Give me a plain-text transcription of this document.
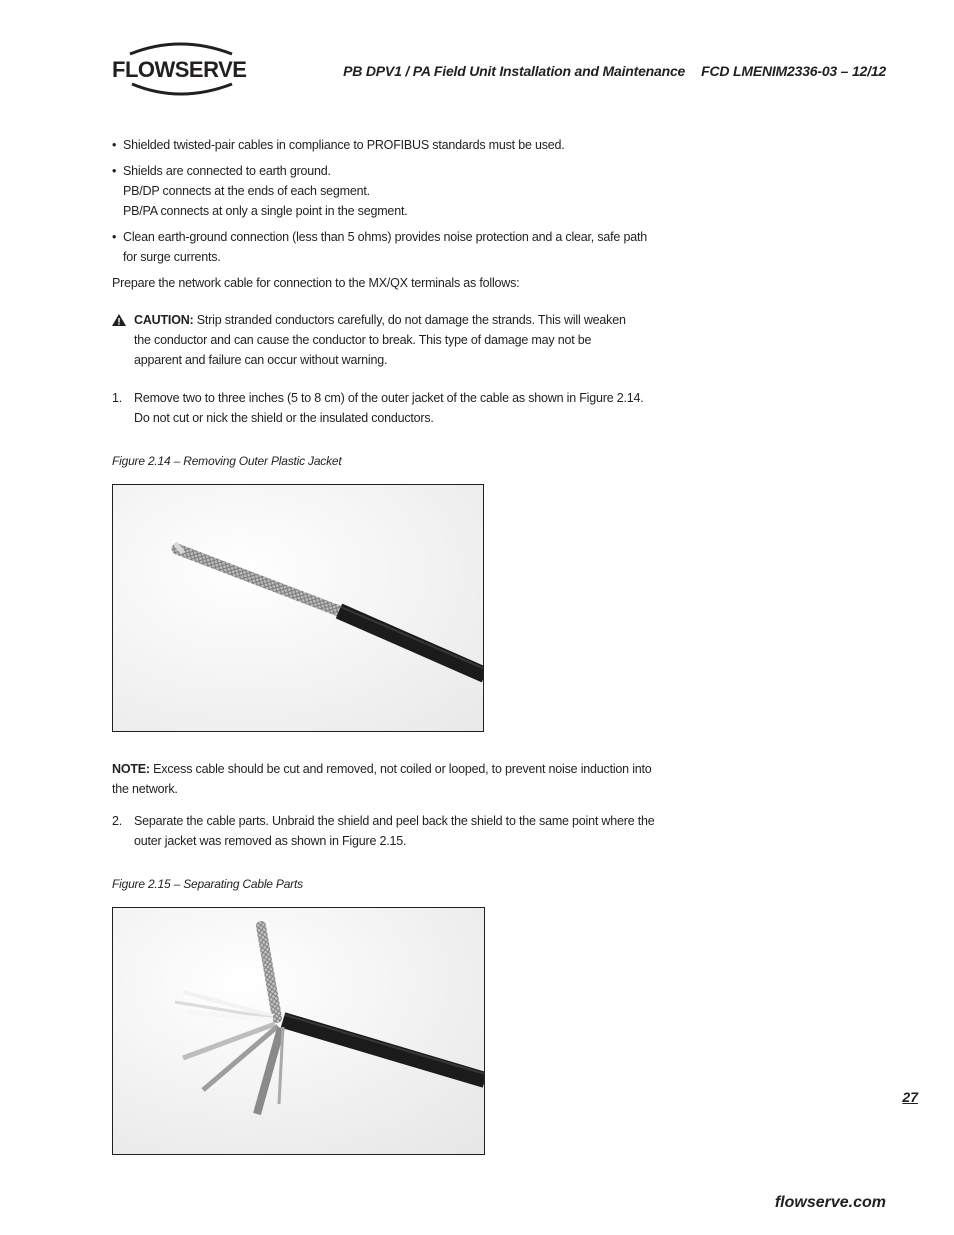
FLOWSERVE	PB DPV1 / PA Field Unit Installation and Maintenance FCD LMENIM2336-03 – 12/12
• Shielded twisted-pair cables in compliance to PROFIBUS standards must be used.
• Shields are connected to earth ground.
PB/DP connects at the ends of each segment.
PB/PA connects at only a single point in the segment.
• Clean earth-ground connection (less than 5 ohms) provides noise protection and a clear, safe path
for surge currents.
Prepare the network cable for connection to the MX/QX terminals as follows:
CAUTION: Strip stranded conductors carefully, do not damage the strands. This will weaken
the conductor and can cause the conductor to break. This type of damage may not be
apparent and failure can occur without warning.
1. Remove two to three inches (5 to 8 cm) of the outer jacket of the cable as shown in Figure 2.14.
Do not cut or nick the shield or the insulated conductors.
Figure 2.14 – Removing Outer Plastic Jacket
NOTE: Excess cable should be cut and removed, not coiled or looped, to prevent noise induction into
the network.
2. Separate the cable parts. Unbraid the shield and peel back the shield to the same point where the
outer jacket was removed as shown in Figure 2.15.
Figure 2.15 – Separating Cable Parts
27
flowserve.com
